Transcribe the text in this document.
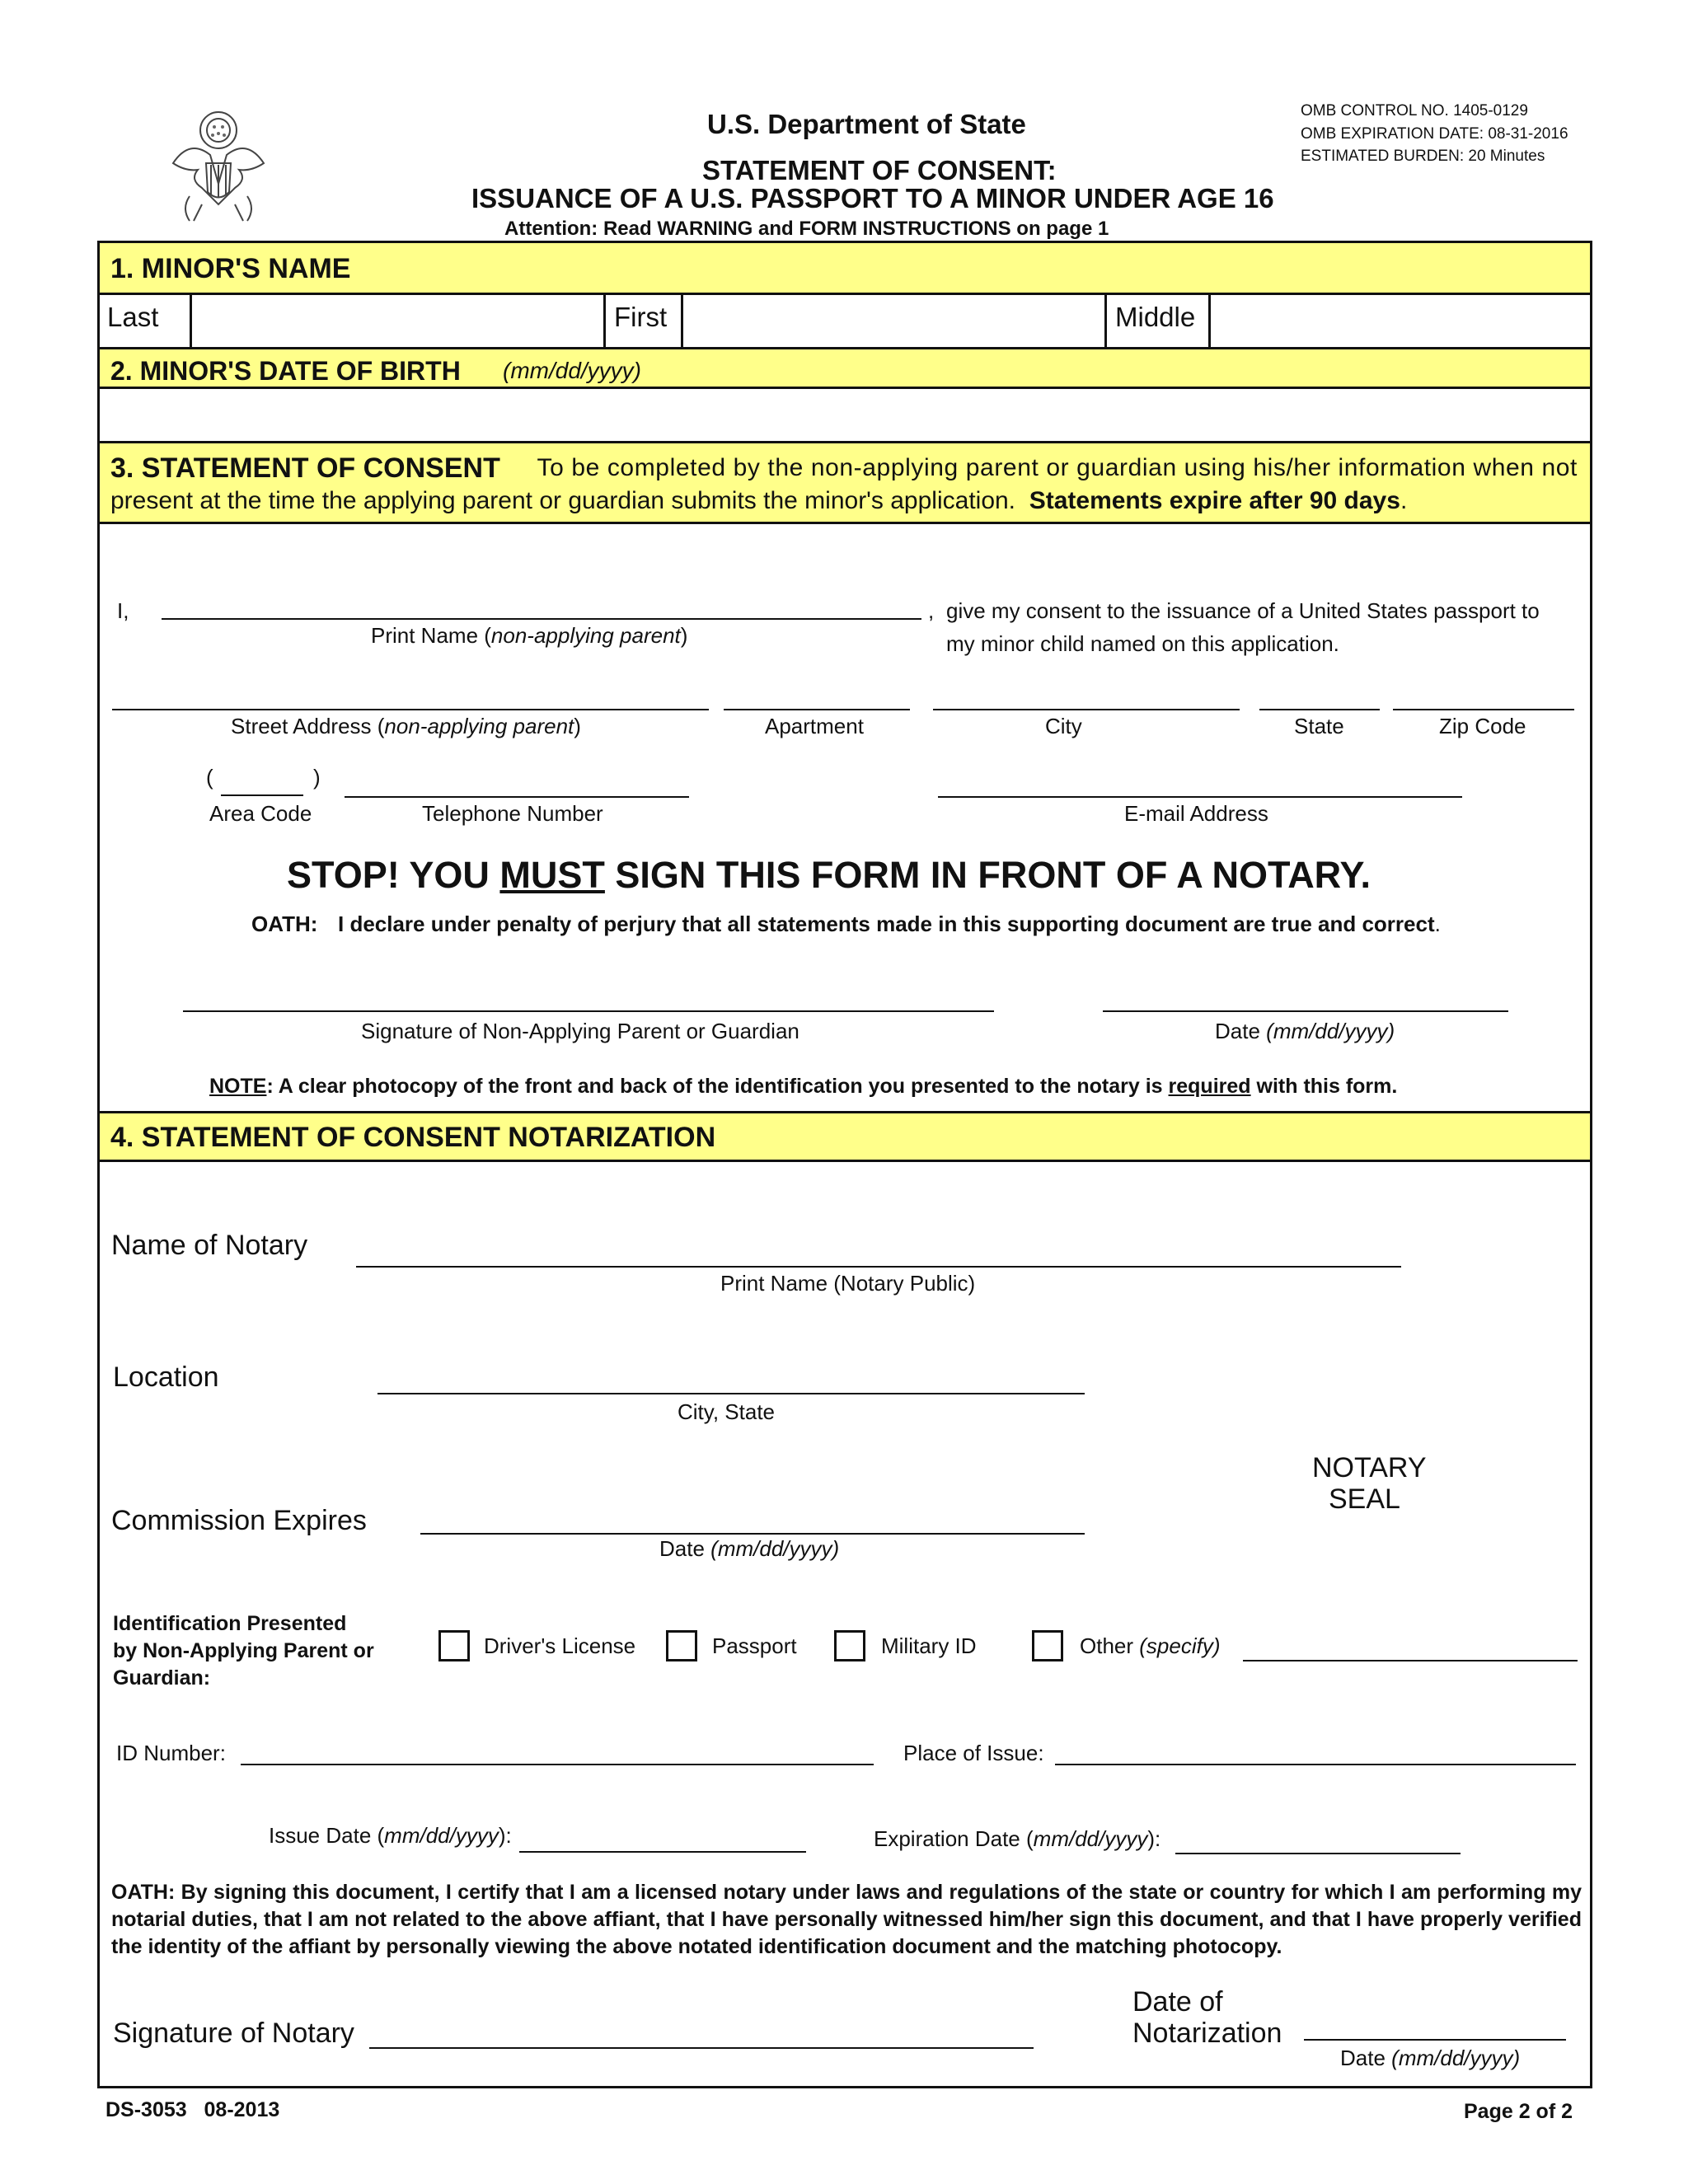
U.S. Department of State
STATEMENT OF CONSENT:
ISSUANCE OF A U.S. PASSPORT TO A MINOR UNDER AGE 16
Attention: Read WARNING and FORM INSTRUCTIONS on page 1
OMB CONTROL NO. 1405-0129
OMB EXPIRATION DATE: 08-31-2016
ESTIMATED BURDEN: 20 Minutes
1. MINOR'S NAME
Last	First	Middle
2. MINOR'S DATE OF BIRTH (mm/dd/yyyy)
3. STATEMENT OF CONSENT To be completed by the non-applying parent or guardian using his/her information when not
present at the time the applying parent or guardian submits the minor's application. Statements expire after 90 days.
I,	,
Print Name (non-applying parent)
give my consent to the issuance of a United States passport to
my minor child named on this application.
Street Address (non-applying parent)	Apartment	City	State	Zip Code
(	)
Area Code	Telephone Number	E-mail Address
STOP! YOU MUST SIGN THIS FORM IN FRONT OF A NOTARY.
OATH: I declare under penalty of perjury that all statements made in this supporting document are true and correct.
Signature of Non-Applying Parent or Guardian	Date (mm/dd/yyyy)
NOTE: A clear photocopy of the front and back of the identification you presented to the notary is required with this form.
4. STATEMENT OF CONSENT NOTARIZATION
Name of Notary
Print Name (Notary Public)
Location
City, State
NOTARY
SEAL
Commission Expires
Date (mm/dd/yyyy)
Identification Presented
by Non-Applying Parent or
Guardian:
Driver's License	Passport	Military ID	Other (specify)
ID Number:	Place of Issue:
Issue Date (mm/dd/yyyy):	Expiration Date (mm/dd/yyyy):
OATH: By signing this document, I certify that I am a licensed notary under laws and regulations of the state or country for which I am performing my notarial duties, that I am not related to the above affiant, that I have personally witnessed him/her sign this document, and that I have properly verified the identity of the affiant by personally viewing the above notated identification document and the matching photocopy.
Signature of Notary
Date of
Notarization
Date (mm/dd/yyyy)
DS-3053   08-2013	Page 2 of 2
